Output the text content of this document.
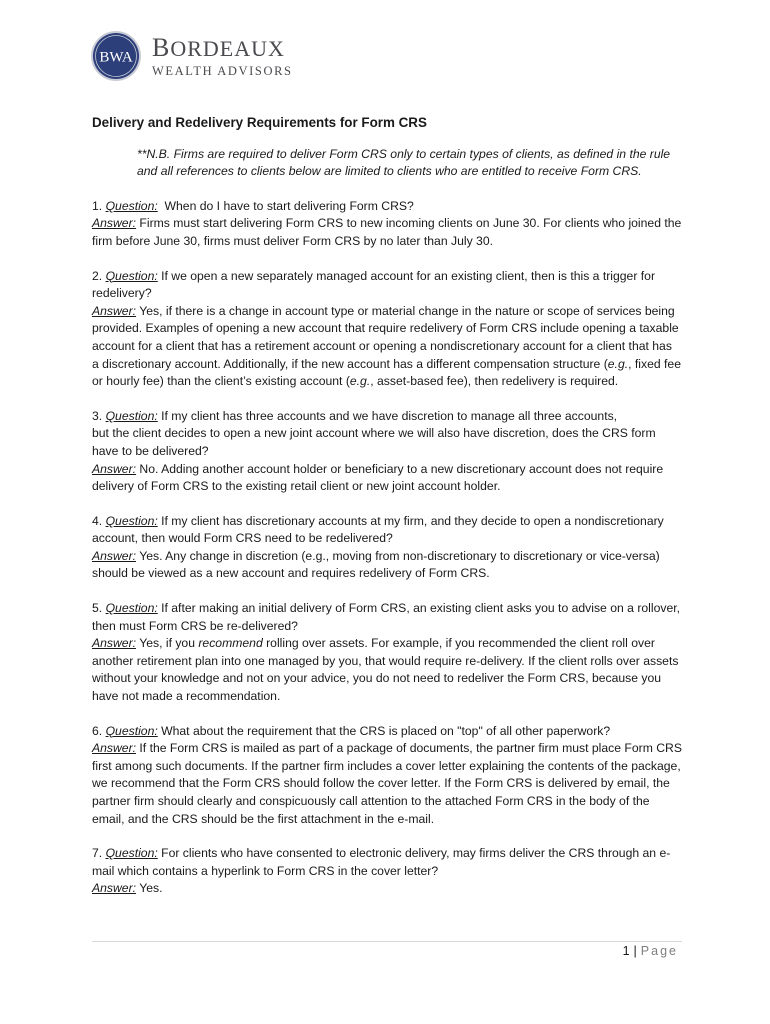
BWA BORDEAUX
WEALTH ADVISORS

Delivery and Redelivery Requirements for Form CRS

**N.B. Firms are required to deliver Form CRS only to certain types of clients, as defined in the rule and all references to clients below are limited to clients who are entitled to receive Form CRS.

1. Question: When do I have to start delivering Form CRS?

Answer: Firms must start delivering Form CRS to new incoming clients on June 30. For clients who joined the firm before June 30, firms must deliver Form CRS by no later than July 30.

2. Question: If we open a new separately managed account for an existing client, then is this a trigger for redelivery?

Answer: Yes, if there is a change in account type or material change in the nature or scope of services being provided. Examples of opening a new account that require redelivery of Form CRS include opening a taxable account for a client that has a retirement account or opening a nondiscretionary account for a client that has a discretionary account. Additionally, if the new account has a different compensation structure (e.g., fixed fee or hourly fee) than the client’s existing account (e.g., asset-based fee), then redelivery is required.

3. Question: If my client has three accounts and we have discretion to manage all three accounts,
but the client decides to open a new joint account where we will also have discretion, does the CRS form have to be delivered?

Answer: No. Adding another account holder or beneficiary to a new discretionary account does not require delivery of Form CRS to the existing retail client or new joint account holder.

4. Question: If my client has discretionary accounts at my firm, and they decide to open a nondiscretionary account, then would Form CRS need to be redelivered?

Answer: Yes. Any change in discretion (e.g., moving from non-discretionary to discretionary or vice-versa) should be viewed as a new account and requires redelivery of Form CRS.

5. Question: If after making an initial delivery of Form CRS, an existing client asks you to advise on a rollover, then must Form CRS be re-delivered?

Answer: Yes, if you recommend rolling over assets. For example, if you recommended the client roll over another retirement plan into one managed by you, that would require re-delivery. If the client rolls over assets without your knowledge and not on your advice, you do not need to redeliver the Form CRS, because you have not made a recommendation.

6. Question: What about the requirement that the CRS is placed on "top" of all other paperwork?

Answer: If the Form CRS is mailed as part of a package of documents, the partner firm must place Form CRS first among such documents. If the partner firm includes a cover letter explaining the contents of the package, we recommend that the Form CRS should follow the cover letter. If the Form CRS is delivered by email, the partner firm should clearly and conspicuously call attention to the attached Form CRS in the body of the email, and the CRS should be the first attachment in the e-mail.

7. Question: For clients who have consented to electronic delivery, may firms deliver the CRS through an e-mail which contains a hyperlink to Form CRS in the cover letter?

Answer: Yes.

1 | Page
